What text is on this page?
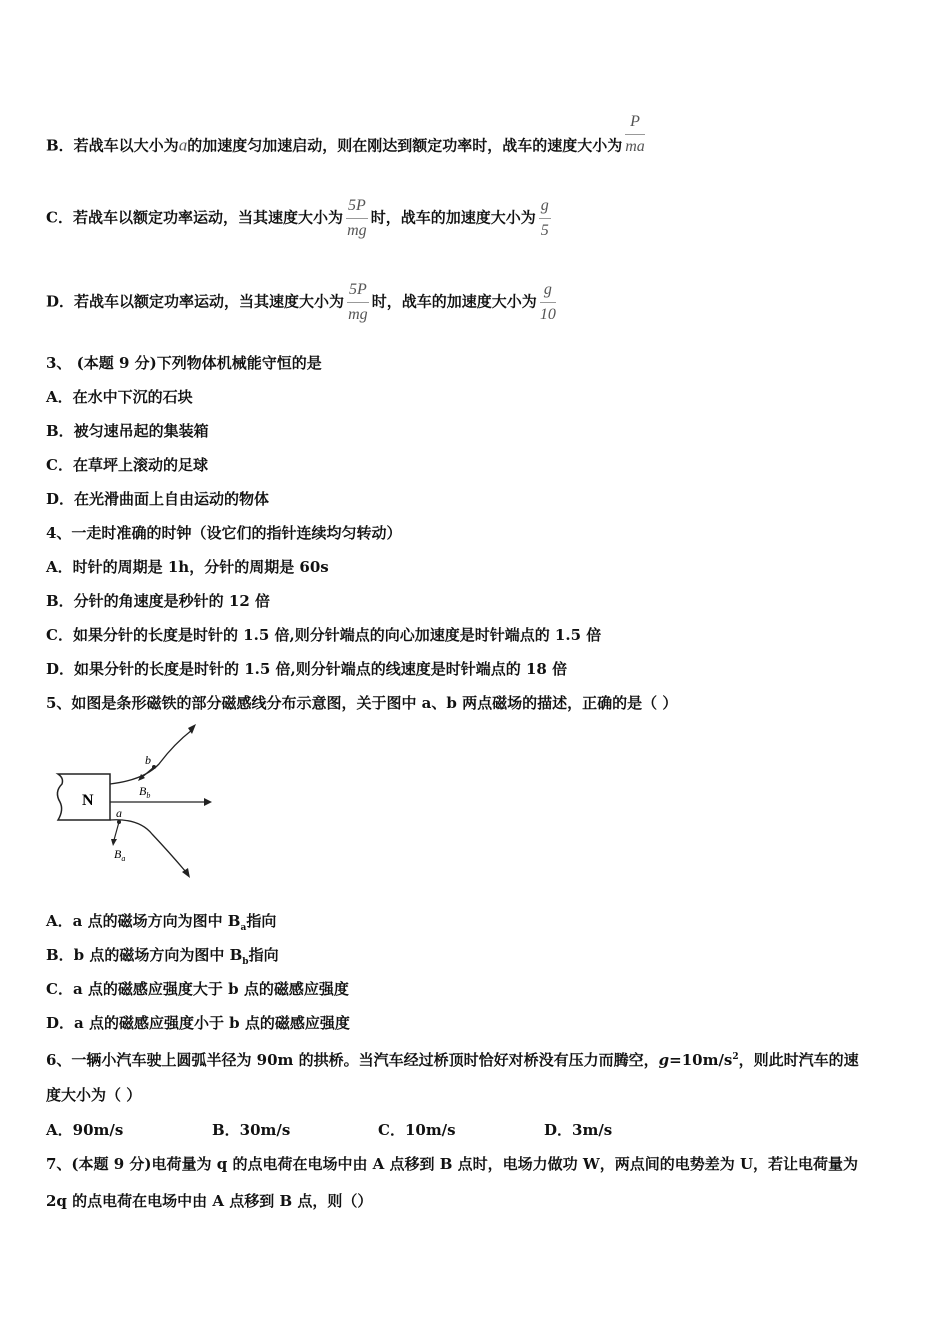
B．若战车以大小为a的加速度匀加速启动，则在刚达到额定功率时，战车的速度大小为 $\frac{P}{ma}$
C．若战车以额定功率运动，当其速度大小为 $\frac{5P}{mg}$ 时，战车的加速度大小为 $\frac{g}{5}$
D．若战车以额定功率运动，当其速度大小为 $\frac{5P}{mg}$ 时，战车的加速度大小为 $\frac{g}{10}$
3、 (本题 9 分)下列物体机械能守恒的是
A．在水中下沉的石块
B．被匀速吊起的集装箱
C．在草坪上滚动的足球
D．在光滑曲面上自由运动的物体
4、一走时准确的时钟（设它们的指针连续均匀转动）
A．时针的周期是 1h，分针的周期是 60s
B．分针的角速度是秒针的 12 倍
C．如果分针的长度是时针的 1.5 倍,则分针端点的向心加速度是时针端点的 1.5 倍
D．如果分针的长度是时针的 1.5 倍,则分针端点的线速度是时针端点的 18 倍
5、如图是条形磁铁的部分磁感线分布示意图，关于图中 a、b 两点磁场的描述，正确的是（ ）
N
b
$B_b$
a
$B_a$
A．a 点的磁场方向为图中 $B_a$指向
B．b 点的磁场方向为图中 $B_b$指向
C．a 点的磁感应强度大于 b 点的磁感应强度
D．a 点的磁感应强度小于 b 点的磁感应强度
6、一辆小汽车驶上圆弧半径为 90m 的拱桥。当汽车经过桥顶时恰好对桥没有压力而腾空，$g=10m/s^2$，则此时汽车的速
度大小为（ ）
A．90m/s	B．30m/s	C．10m/s	D．3m/s
7、(本题 9 分)电荷量为 q 的点电荷在电场中由 A 点移到 B 点时，电场力做功 W，两点间的电势差为 U，若让电荷量为
2q 的点电荷在电场中由 A 点移到 B 点，则（）
